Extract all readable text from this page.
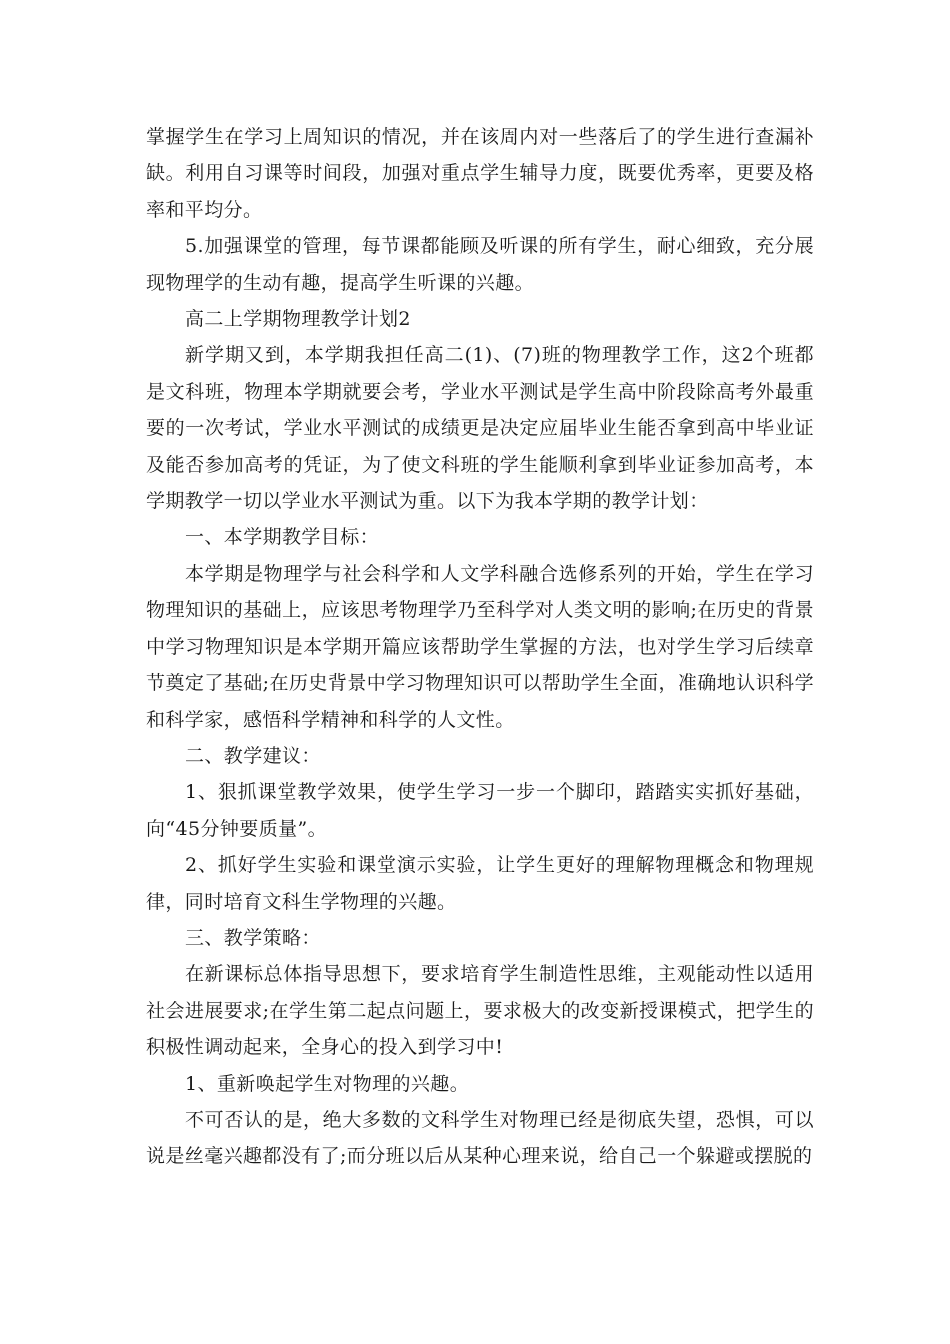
掌握学生在学习上周知识的情况，并在该周内对一些落后了的学生进行查漏补缺。利用自习课等时间段，加强对重点学生辅导力度，既要优秀率，更要及格率和平均分。

5.加强课堂的管理，每节课都能顾及听课的所有学生，耐心细致，充分展现物理学的生动有趣，提高学生听课的兴趣。

高二上学期物理教学计划2

新学期又到，本学期我担任高二(1)、(7)班的物理教学工作，这2个班都是文科班，物理本学期就要会考，学业水平测试是学生高中阶段除高考外最重要的一次考试，学业水平测试的成绩更是决定应届毕业生能否拿到高中毕业证及能否参加高考的凭证，为了使文科班的学生能顺利拿到毕业证参加高考，本学期教学一切以学业水平测试为重。以下为我本学期的教学计划：

一、本学期教学目标：

本学期是物理学与社会科学和人文学科融合选修系列的开始，学生在学习物理知识的基础上，应该思考物理学乃至科学对人类文明的影响;在历史的背景中学习物理知识是本学期开篇应该帮助学生掌握的方法，也对学生学习后续章节奠定了基础;在历史背景中学习物理知识可以帮助学生全面，准确地认识科学和科学家，感悟科学精神和科学的人文性。

二、教学建议：

1、狠抓课堂教学效果，使学生学习一步一个脚印，踏踏实实抓好基础，向“45分钟要质量”。

2、抓好学生实验和课堂演示实验，让学生更好的理解物理概念和物理规律，同时培育文科生学物理的兴趣。

三、教学策略：

在新课标总体指导思想下，要求培育学生制造性思维，主观能动性以适用社会进展要求;在学生第二起点问题上，要求极大的改变新授课模式，把学生的积极性调动起来，全身心的投入到学习中!

1、重新唤起学生对物理的兴趣。

不可否认的是，绝大多数的文科学生对物理已经是彻底失望，恐惧，可以说是丝毫兴趣都没有了;而分班以后从某种心理来说，给自己一个躲避或摆脱的
